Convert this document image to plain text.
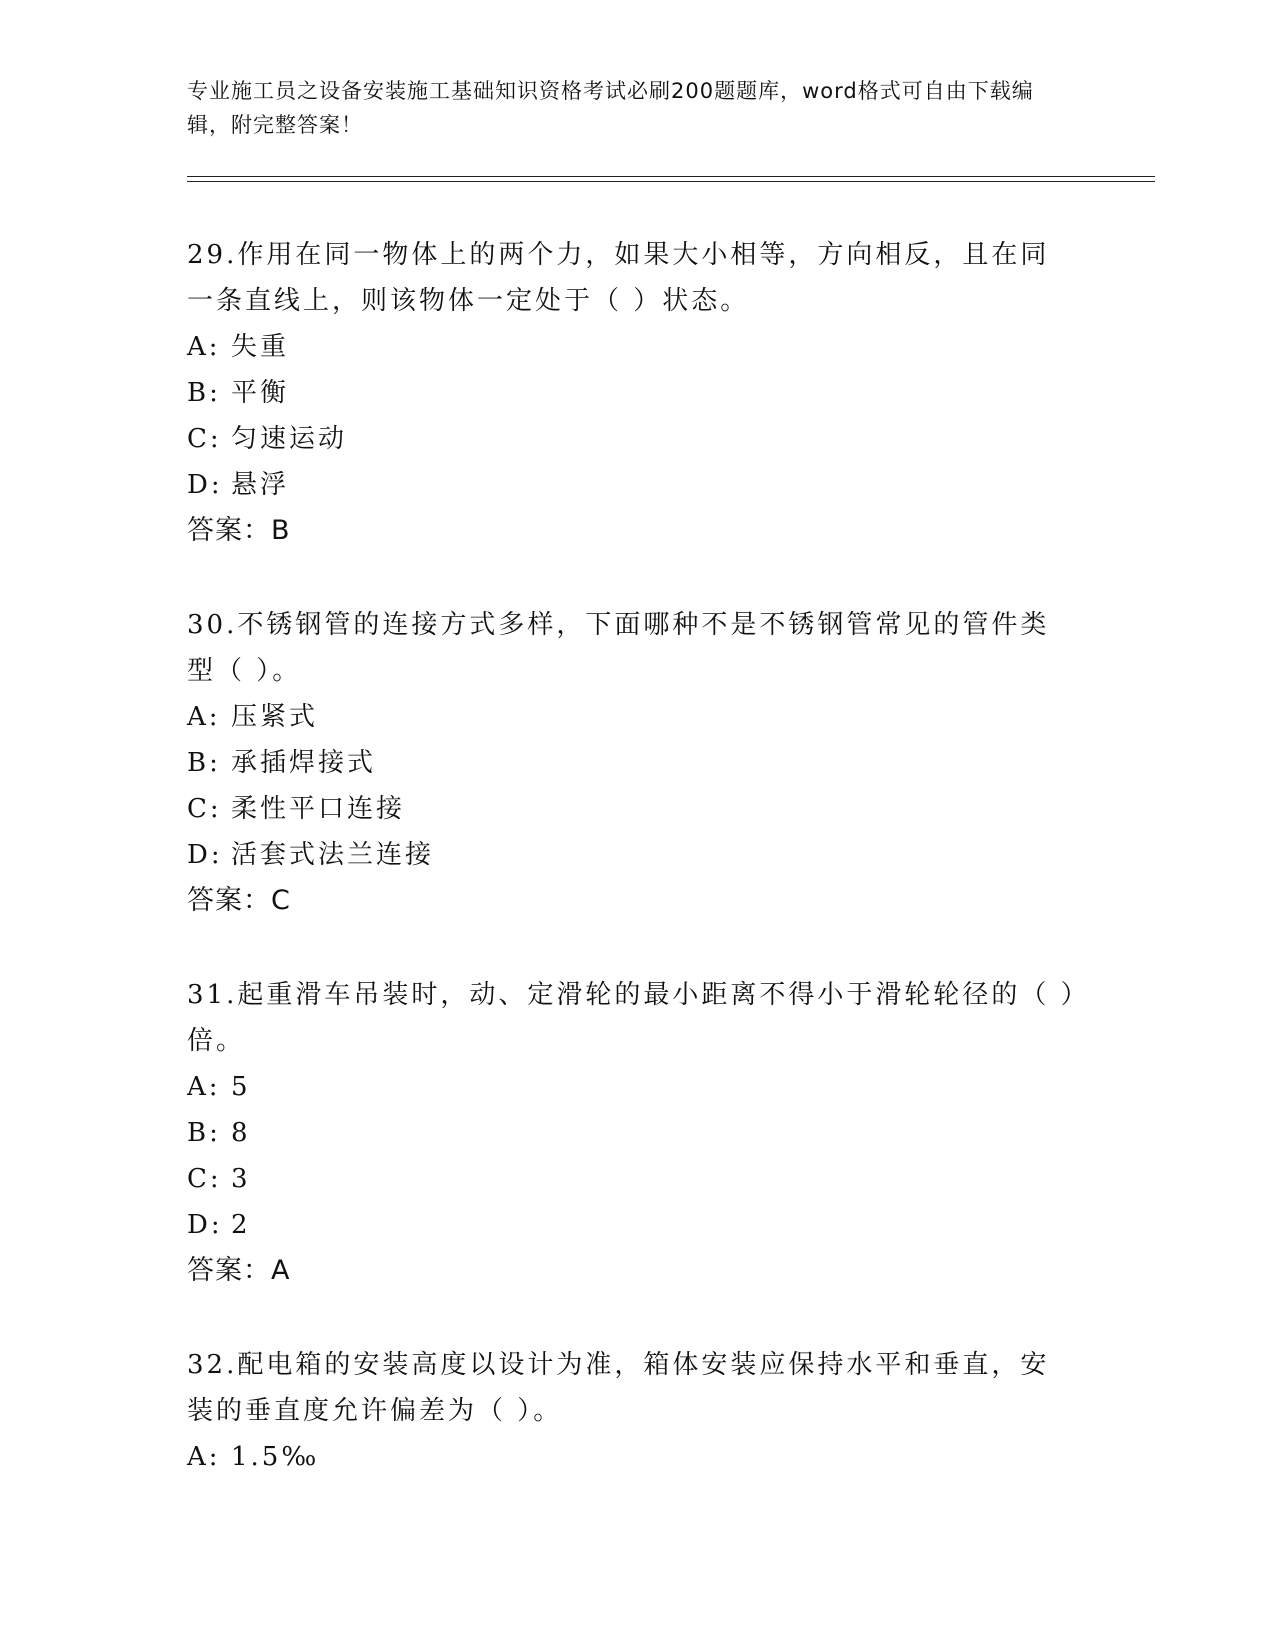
专业施工员之设备安装施工基础知识资格考试必刷200题题库，word格式可自由下载编辑，附完整答案！

29.作用在同一物体上的两个力，如果大小相等，方向相反，且在同一条直线上，则该物体一定处于（ ）状态。

A: 失重

B: 平衡

C: 匀速运动

D: 悬浮

答案：B

30.不锈钢管的连接方式多样，下面哪种不是不锈钢管常见的管件类型（ ）。

A: 压紧式

B: 承插焊接式

C: 柔性平口连接

D: 活套式法兰连接

答案：C

31.起重滑车吊装时，动、定滑轮的最小距离不得小于滑轮轮径的（ ）倍。

A: 5

B: 8

C: 3

D: 2

答案：A

32.配电箱的安装高度以设计为准，箱体安装应保持水平和垂直，安装的垂直度允许偏差为（ ）。

A: 1.5‰
